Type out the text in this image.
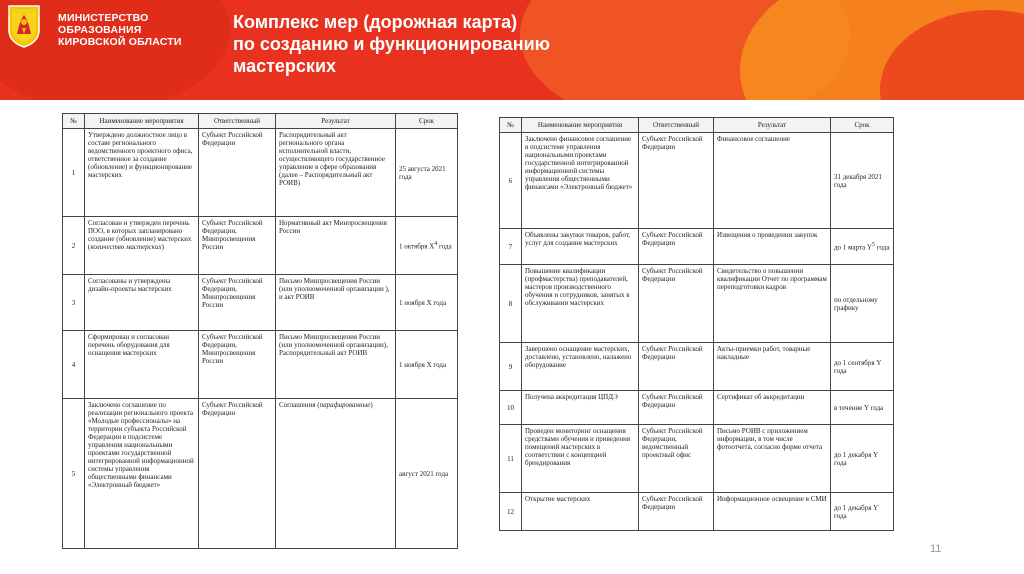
МИНИСТЕРСТВО
ОБРАЗОВАНИЯ
КИРОВСКОЙ ОБЛАСТИ
Комплекс мер (дорожная карта)
по созданию и функционированию
мастерских
№	Наименование мероприятия	Ответственный	Результат	Срок
1	Утверждено должностное лицо в составе регионального ведомственного проектного офиса, ответственное за создание (обновление) и функционирование мастерских	Субъект Российской Федерации	Распорядительный акт регионального органа исполнительной власти, осуществляющего государственное управление в сфере образования (далее – Распорядительный акт РОИВ)	25 августа 2021 года
2	Согласован и утвержден перечень ПОО, в которых запланировано создание (обновление) мастерских (количество мастерских)	Субъект Российской Федерации, Минпросвещения России	Нормативный акт Минпросвещения России	1 октября $Х^4$ года
3	Согласованы и утверждены дизайн-проекты мастерских	Субъект Российской Федерации, Минпросвещения России	Письмо Минпросвещения России (или уполномоченной организации ), и акт РОИВ	1 ноября Х года
4	Сформирован и согласован перечень оборудования для оснащения мастерских	Субъект Российской Федерации, Минпросвещения России	Письмо Минпросвещения России (или уполномоченной организации), Распорядительный акт РОИВ	1 ноября Х года
5	Заключено соглашение по реализации регионального проекта «Молодые профессионалы» на территории субъекта Российской Федерации в подсистеме управления национальными проектами государственной интегрированной информационной системы управления общественными финансами «Электронный бюджет»	Субъект Российской Федерации	Соглашения (парафированные)	август 2021 года
№	Наименование мероприятия	Ответственный	Результат	Срок
6	Заключено финансовое соглашение в подсистеме управления национальными проектами государственной интегрированной информационной системы управления общественными финансами «Электронный бюджет»	Субъект Российской Федерации	Финансовое соглашение	31 декабря 2021 года
7	Объявлены закупки товаров, работ, услуг для создания мастерских	Субъект Российской Федерации	Извещения о проведении закупок	до 1 марта $Y^5$ года
8	Повышение квалификации (профмастерства) преподавателей, мастеров производственного обучения и сотрудников, занятых в обслуживании мастерских	Субъект Российской Федерации	Свидетельство о повышении квалификации Отчет по программам переподготовки кадров	по отдельному графику
9	Завершено оснащение мастерских, доставлено, установлено, налажено оборудование	Субъект Российской Федерации	Акты-приемки работ, товарные накладные	до 1 сентября Y года
10	Получена аккредитация ЦПДЭ	Субъект Российской Федерации	Сертификат об аккредитации	в течение Y года
11	Проведен мониторинг оснащения средствами обучения и приведения помещений мастерских в соответствии с концепцией брендирования	Субъект Российской Федерации, ведомственный проектный офис	Письмо РОИВ с приложением информации, в том числе фотоотчета, согласно форме отчета	до 1 декабря Y года
12	Открытие мастерских	Субъект Российской Федерации	Информационное освещение в СМИ	до 1 декабря Y года
11
